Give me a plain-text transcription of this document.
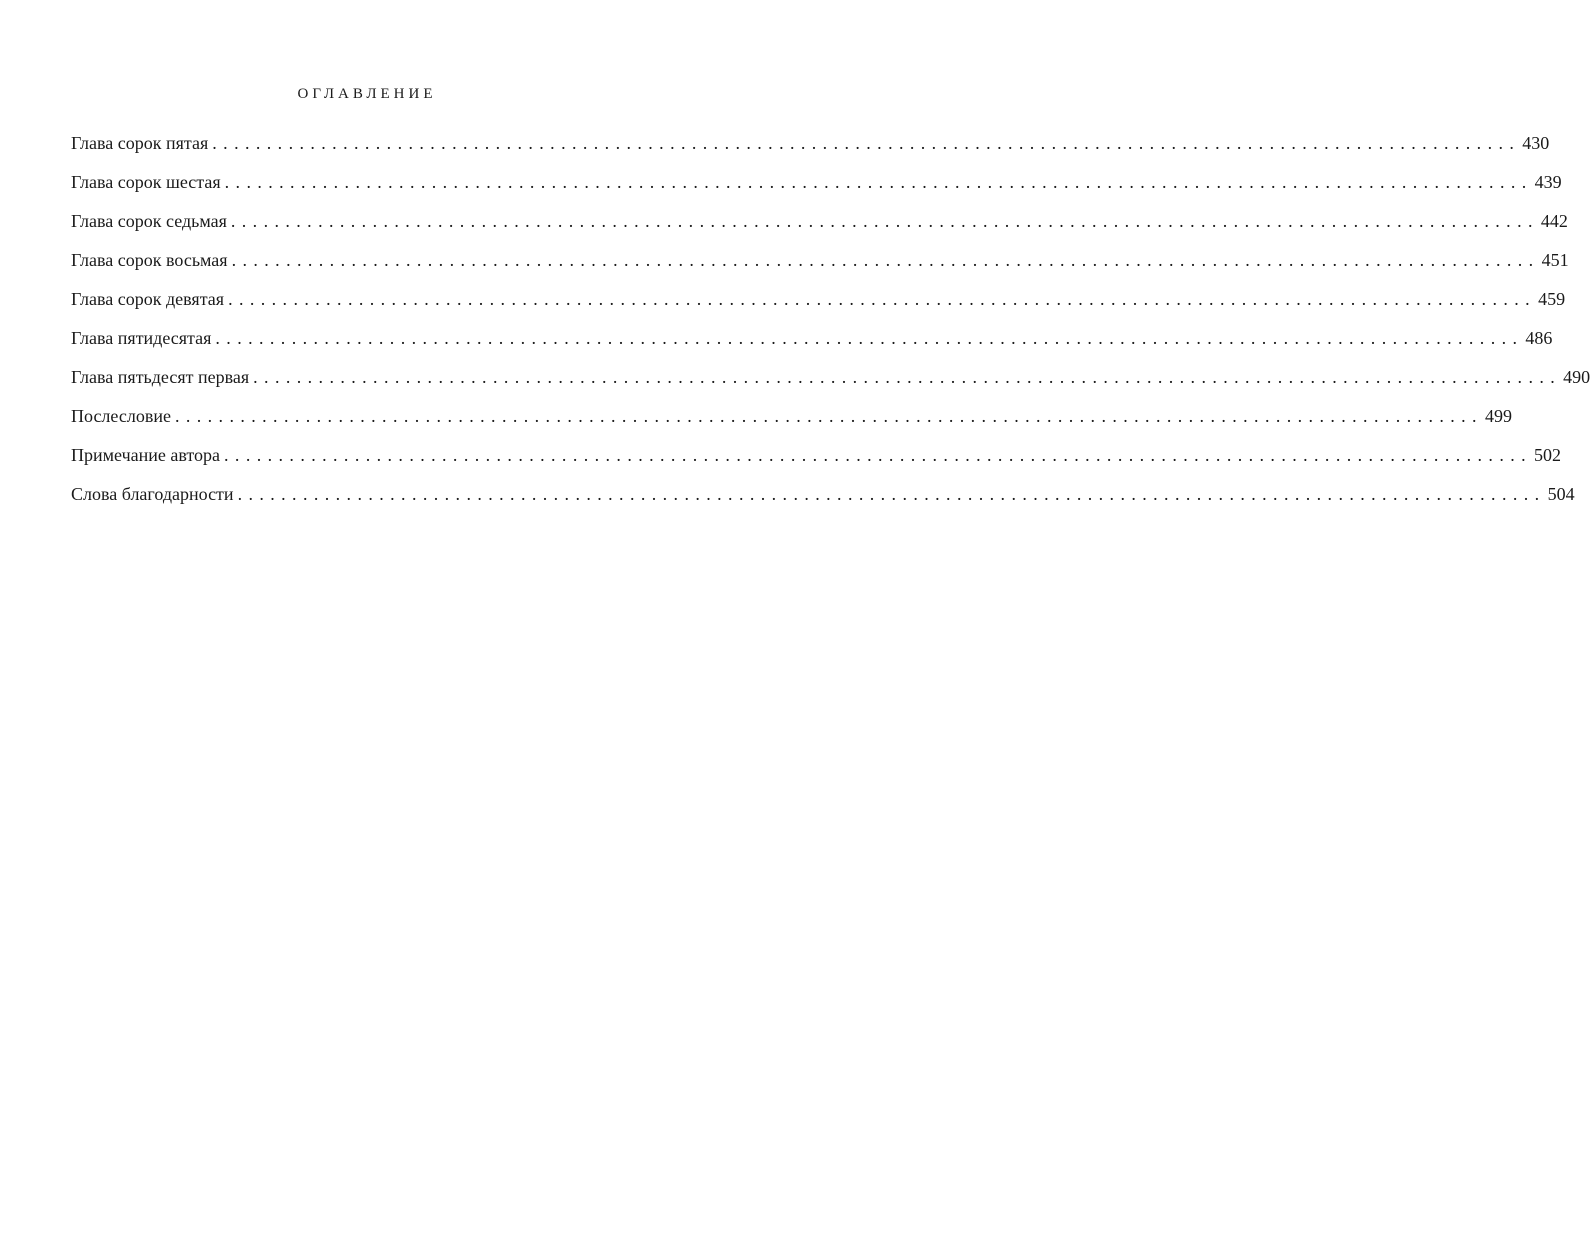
ОГЛАВЛЕНИЕ
Глава сорок пятая ........................................................................................................................ 430
Глава сорок шестая ........................................................................................................................ 439
Глава сорок седьмая ........................................................................................................................ 442
Глава сорок восьмая ........................................................................................................................ 451
Глава сорок девятая ........................................................................................................................ 459
Глава пятидесятая ........................................................................................................................ 486
Глава пятьдесят первая ........................................................................................................................ 490
Послесловие ........................................................................................................................ 499
Примечание автора ........................................................................................................................ 502
Слова благодарности ........................................................................................................................ 504
